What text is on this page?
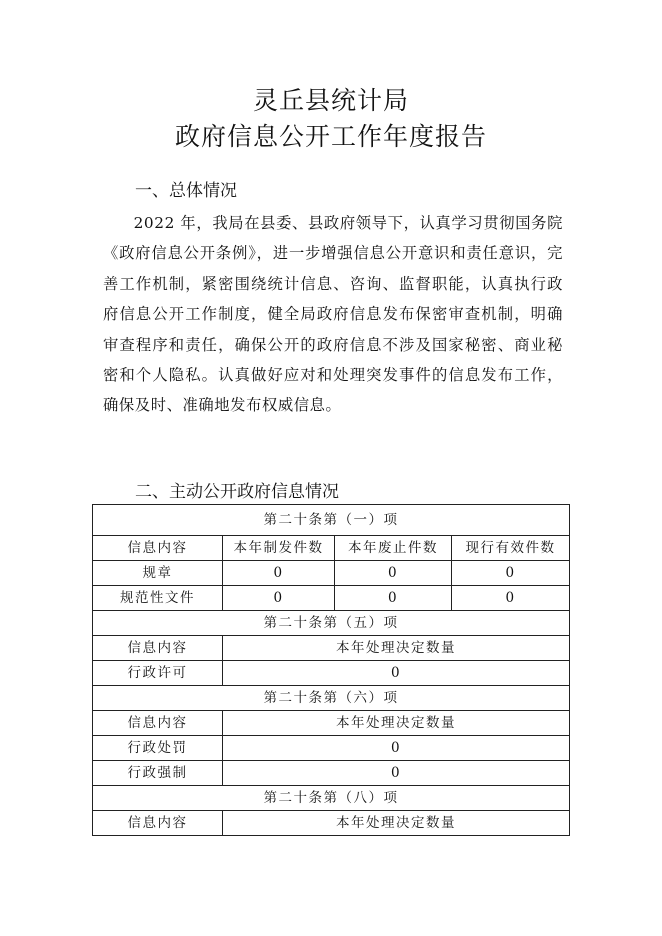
灵丘县统计局
政府信息公开工作年度报告
一、总体情况
2022 年，我局在县委、县政府领导下，认真学习贯彻国务院《政府信息公开条例》，进一步增强信息公开意识和责任意识，完善工作机制，紧密围绕统计信息、咨询、监督职能，认真执行政府信息公开工作制度，健全局政府信息发布保密审查机制，明确审查程序和责任，确保公开的政府信息不涉及国家秘密、商业秘密和个人隐私。认真做好应对和处理突发事件的信息发布工作，确保及时、准确地发布权威信息。
二、主动公开政府信息情况
第二十条第（一）项			
信息内容	本年制发件数	本年废止件数	现行有效件数
规章	0	0	0
规范性文件	0	0	0
第二十条第（五）项			
信息内容	本年处理决定数量		
行政许可	0		
第二十条第（六）项			
信息内容	本年处理决定数量		
行政处罚	0		
行政强制	0		
第二十条第（八）项			
信息内容	本年处理决定数量		
